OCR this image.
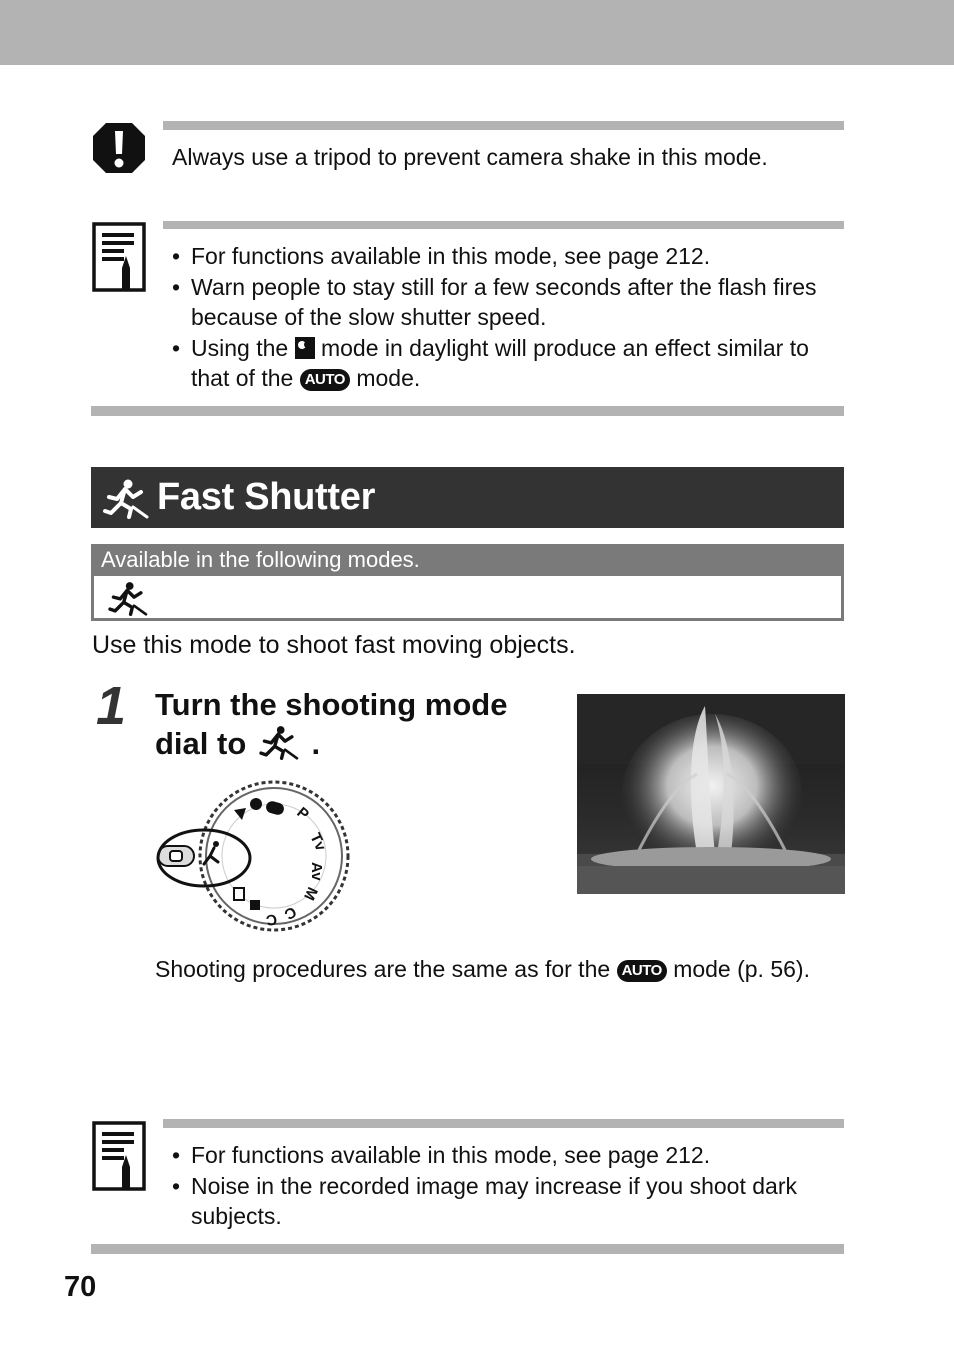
Always use a tripod to prevent camera shake in this mode.

• For functions available in this mode, see page 212.
• Warn people to stay still for a few seconds after the flash fires because of the slow shutter speed.
• Using the mode in daylight will produce an effect similar to that of the AUTO mode.
Fast Shutter
Available in the following modes.

Use this mode to shoot fast moving objects.

1 Turn the shooting mode
dial to .
P
Tv
Av
M
C
C

Shooting procedures are the same as for the AUTO mode (p. 56).

• For functions available in this mode, see page 212.
• Noise in the recorded image may increase if you shoot dark subjects.
70
